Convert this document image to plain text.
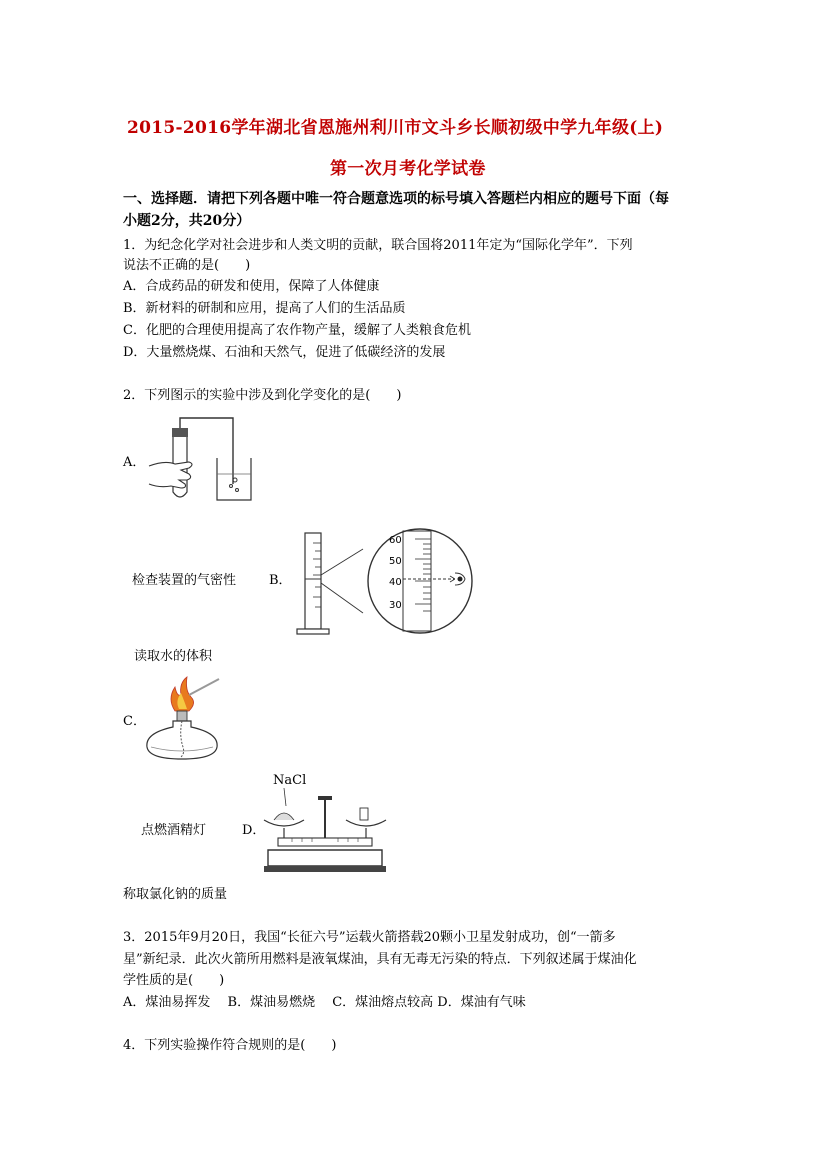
2015-2016学年湖北省恩施州利川市文斗乡长顺初级中学九年级(上)
第一次月考化学试卷
一、选择题．请把下列各题中唯一符合题意选项的标号填入答题栏内相应的题号下面（每
小题2分，共20分）
1．为纪念化学对社会进步和人类文明的贡献，联合国将2011年定为“国际化学年”．下列
说法不正确的是(　　)
A．合成药品的研发和使用，保障了人体健康
B．新材料的研制和应用，提高了人们的生活品质
C．化肥的合理使用提高了农作物产量，缓解了人类粮食危机
D．大量燃烧煤、石油和天然气，促进了低碳经济的发展
2．下列图示的实验中涉及到化学变化的是(　　)
A．
检查装置的气密性	B．
60
50
40
30
读取水的体积
C．
点燃酒精灯	D．
NaCl
称取氯化钠的质量
3．2015年9月20日，我国“长征六号”运载火箭搭载20颗小卫星发射成功，创“一箭多
星”新纪录．此次火箭所用燃料是液氧煤油，具有无毒无污染的特点．下列叙述属于煤油化
学性质的是(　　)
A．煤油易挥发　 B．煤油易燃烧　 C．煤油熔点较高 D．煤油有气味
4．下列实验操作符合规则的是(　　)
